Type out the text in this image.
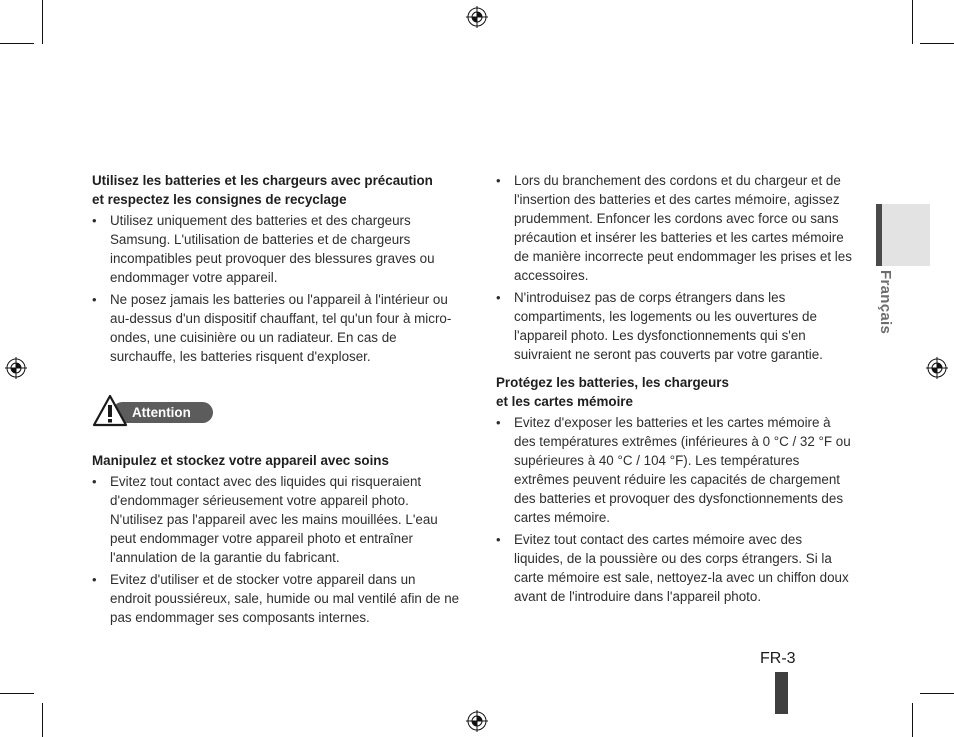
Utilisez les batteries et les chargeurs avec précaution
et respectez les consignes de recyclage

• Utilisez uniquement des batteries et des chargeurs Samsung. L'utilisation de batteries et de chargeurs incompatibles peut provoquer des blessures graves ou endommager votre appareil.
• Ne posez jamais les batteries ou l'appareil à l'intérieur ou au-dessus d'un dispositif chauffant, tel qu'un four à micro-ondes, une cuisinière ou un radiateur. En cas de surchauffe, les batteries risquent d'exploser.
Attention

Manipulez et stockez votre appareil avec soins

• Evitez tout contact avec des liquides qui risqueraient d'endommager sérieusement votre appareil photo. N'utilisez pas l'appareil avec les mains mouillées. L'eau peut endommager votre appareil photo et entraîner l'annulation de la garantie du fabricant.
• Evitez d'utiliser et de stocker votre appareil dans un endroit poussiéreux, sale, humide ou mal ventilé afin de ne pas endommager ses composants internes.
• Lors du branchement des cordons et du chargeur et de l'insertion des batteries et des cartes mémoire, agissez prudemment. Enfoncer les cordons avec force ou sans précaution et insérer les batteries et les cartes mémoire de manière incorrecte peut endommager les prises et les accessoires.
• N'introduisez pas de corps étrangers dans les compartiments, les logements ou les ouvertures de l'appareil photo. Les dysfonctionnements qui s'en suivraient ne seront pas couverts par votre garantie.

Protégez les batteries, les chargeurs
et les cartes mémoire

• Evitez d'exposer les batteries et les cartes mémoire à des températures extrêmes (inférieures à 0 °C / 32 °F ou supérieures à 40 °C / 104 °F). Les températures extrêmes peuvent réduire les capacités de chargement des batteries et provoquer des dysfonctionnements des cartes mémoire.
• Evitez tout contact des cartes mémoire avec des liquides, de la poussière ou des corps étrangers. Si la carte mémoire est sale, nettoyez-la avec un chiffon doux avant de l'introduire dans l'appareil photo.
Français
FR-3
